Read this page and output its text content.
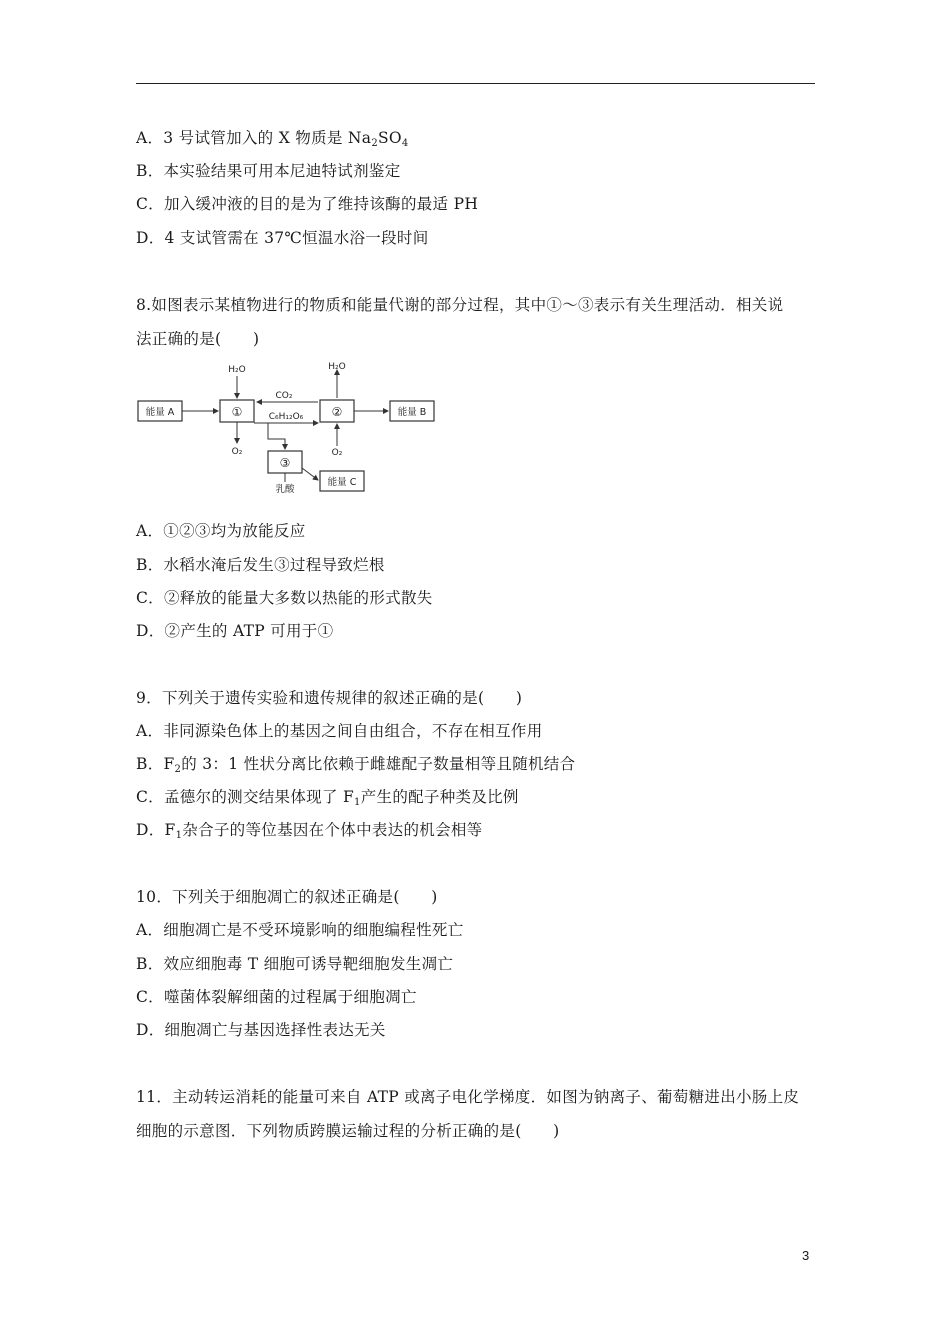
A．3 号试管加入的 X 物质是 $Na_2SO_4$
B．本实验结果可用本尼迪特试剂鉴定
C．加入缓冲液的目的是为了维持该酶的最适 PH
D．4 支试管需在 37℃恒温水浴一段时间
8.如图表示某植物进行的物质和能量代谢的部分过程，其中①～③表示有关生理活动．相关说
法正确的是(　　)
能量 A	①	②	能量 B
③
能量 C
H₂O	H₂O
CO₂
C₆H₁₂O₆
O₂	O₂
乳酸
A．①②③均为放能反应
B．水稻水淹后发生③过程导致烂根
C．②释放的能量大多数以热能的形式散失
D．②产生的 ATP 可用于①
9．下列关于遗传实验和遗传规律的叙述正确的是(　　)
A．非同源染色体上的基因之间自由组合，不存在相互作用
B．$F_2$的 3：1 性状分离比依赖于雌雄配子数量相等且随机结合
C．孟德尔的测交结果体现了 $F_1$产生的配子种类及比例
D．$F_1$杂合子的等位基因在个体中表达的机会相等
10．下列关于细胞凋亡的叙述正确是(　　)
A．细胞凋亡是不受环境影响的细胞编程性死亡
B．效应细胞毒 T 细胞可诱导靶细胞发生凋亡
C．噬菌体裂解细菌的过程属于细胞凋亡
D．细胞凋亡与基因选择性表达无关
11．主动转运消耗的能量可来自 ATP 或离子电化学梯度．如图为钠离子、葡萄糖进出小肠上皮
细胞的示意图．下列物质跨膜运输过程的分析正确的是(　　)
3
